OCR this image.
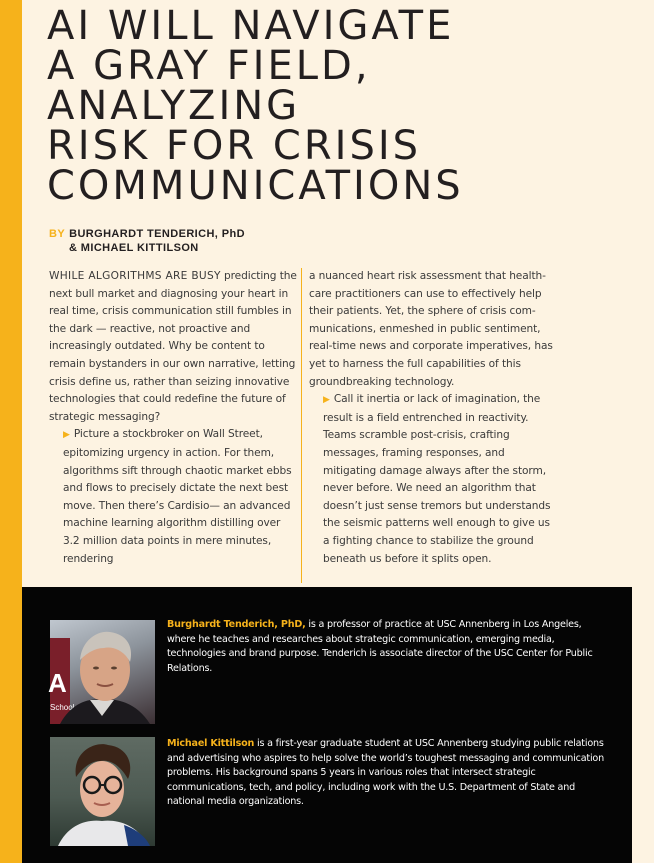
AI WILL NAVIGATE
A GRAY FIELD, ANALYZING
RISK FOR CRISIS
COMMUNICATIONS
BY BURGHARDT TENDERICH, PhD
& MICHAEL KITTILSON

WHILE ALGORITHMS ARE BUSY predicting the next bull market and diagnosing your heart in real time, crisis communication still fumbles in the dark — reactive, not proactive and increasingly outdated. Why be content to remain bystanders in our own narrative, letting crisis define us, rather than seizing innovative technologies that could redefine the future of strategic messaging?

▶ Picture a stockbroker on Wall Street, epitomizing urgency in action. For them, algorithms sift through chaotic market ebbs and flows to precisely dictate the next best move. Then there’s Cardisio— an advanced machine learning algorithm distilling over 3.2 million data points in mere minutes, rendering

a nuanced heart risk assessment that health-care practitioners can use to effectively help their patients. Yet, the sphere of crisis com-munications, enmeshed in public sentiment, real-time news and corporate imperatives, has yet to harness the full capabilities of this groundbreaking technology.

▶ Call it inertia or lack of imagination, the result is a field entrenched in reactivity. Teams scramble post-crisis, crafting messages, framing responses, and mitigating damage always after the storm, never before. We need an algorithm that doesn’t just sense tremors but understands the seismic patterns well enough to give us a fighting chance to stabilize the ground beneath us before it splits open.

A
School
Burghardt Tenderich, PhD, is a professor of practice at USC Annenberg in Los Angeles, where he teaches and researches about strategic communication, emerging media, technologies and brand purpose. Tenderich is associate director of the USC Center for Public Relations.
Michael Kittilson is a first-year graduate student at USC Annenberg studying public relations and advertising who aspires to help solve the world’s toughest messaging and communication problems. His background spans 5 years in various roles that intersect strategic communications, tech, and policy, including work with the U.S. Department of State and national media organizations.
